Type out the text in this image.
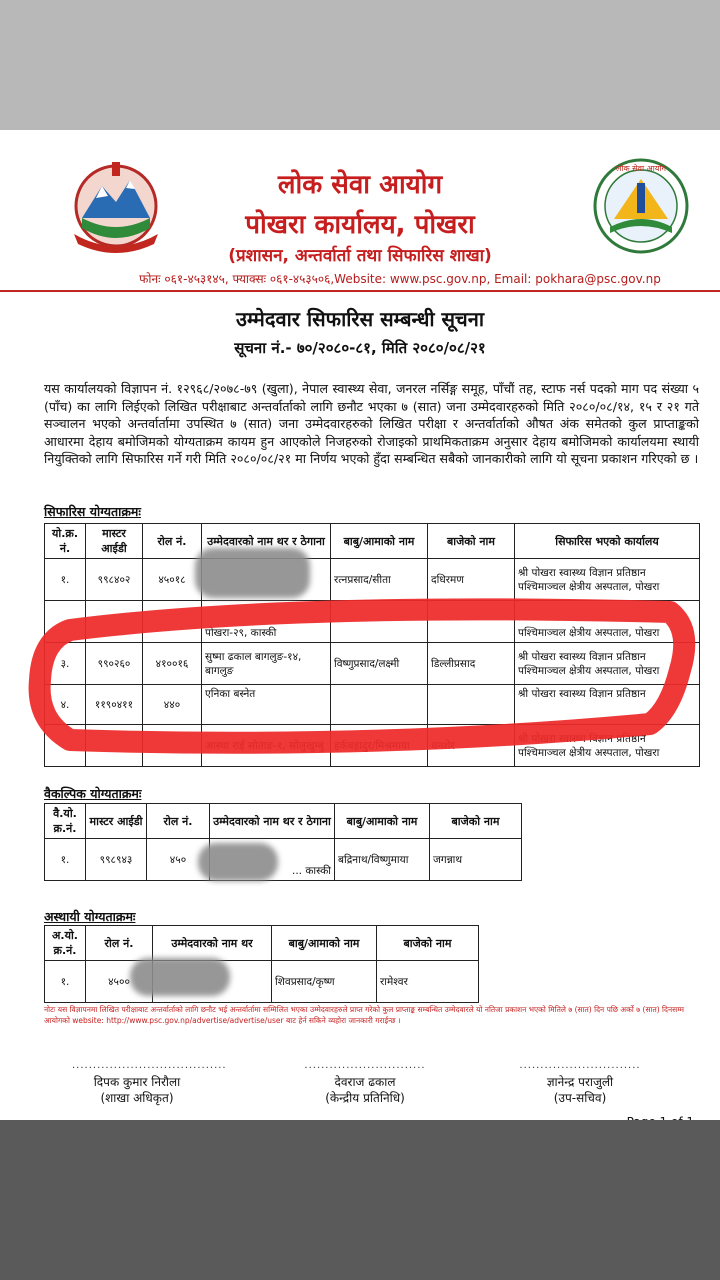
लोक सेवा आयोग
लोक सेवा आयोग
पोखरा कार्यालय, पोखरा
(प्रशासन, अन्तर्वार्ता तथा सिफारिस शाखा)
फोनः ०६१-४५३१४५, फ्याक्सः ०६१-४५३५०६,Website: www.psc.gov.np, Email: pokhara@psc.gov.np
उम्मेदवार सिफारिस सम्बन्धी सूचना
सूचना नं.- ७०/२०८०-८१, मिति २०८०/०८/२१
यस कार्यालयको विज्ञापन नं. १२९६८/२०७८-७९ (खुला), नेपाल स्वास्थ्य सेवा, जनरल नर्सिङ्ग समूह, पाँचौं तह, स्टाफ नर्स पदको माग पद संख्या ५ (पाँच) का लागि लिईएको लिखित परीक्षाबाट अन्तर्वार्ताको लागि छनौट भएका ७ (सात) जना उम्मेदवारहरुको मिति २०८०/०८/१४, १५ र २१ गते सञ्चालन भएको अन्तर्वार्तामा उपस्थित ७ (सात) जना उम्मेदवारहरुको लिखित परीक्षा र अन्तर्वार्ताको औषत अंक समेतको कुल प्राप्ताङ्कको आधारमा देहाय बमोजिमको योग्यताक्रम कायम हुन आएकोले निजहरुको रोजाइको प्राथमिकताक्रम अनुसार देहाय बमोजिमको कार्यालयमा स्थायी नियुक्तिको लागि सिफारिस गर्ने गरी मिति २०८०/०८/२१ मा निर्णय भएको हुँदा सम्बन्धित सबैको जानकारीको लागि यो सूचना प्रकाशन गरिएको छ ।
सिफारिस योग्यताक्रमः
यो.क्र. नं.	मास्टर आईडी	रोल नं.	उम्मेदवारको नाम थर र ठेगाना	बाबु/आमाको नाम	बाजेको नाम	सिफारिस भएको कार्यालय
१.	९९८४०२	४५०१८		रत्नप्रसाद/सीता	दधिरमण	श्री पोखरा स्वास्थ्य विज्ञान प्रतिष्ठान पश्चिमाञ्चल क्षेत्रीय अस्पताल, पोखरा
			पोखरा-२९, कास्की			पश्चिमाञ्चल क्षेत्रीय अस्पताल, पोखरा
३.	९९०२६०	४१००१६	सुष्मा ढकाल बागलुङ-१४, बागलुङ	विष्णुप्रसाद/लक्ष्मी	डिल्लीप्रसाद	श्री पोखरा स्वास्थ्य विज्ञान प्रतिष्ठान पश्चिमाञ्चल क्षेत्रीय अस्पताल, पोखरा
४.	११९०४११	४४०	एनिका बस्नेत			श्री पोखरा स्वास्थ्य विज्ञान प्रतिष्ठान
			आस्था राई सोताङ-१, सोलुखुम्बु	हर्कबहादुर/मिश्रमाया	धनशेर	श्री पोखरा स्वास्थ्य विज्ञान प्रतिष्ठान पश्चिमाञ्चल क्षेत्रीय अस्पताल, पोखरा
वैकल्पिक योग्यताक्रमः
वै.यो. क्र.नं.	मास्टर आईडी	रोल नं.	उम्मेदवारको नाम थर र ठेगाना	बाबु/आमाको नाम	बाजेको नाम
१.	९९८९४३	४५०	... कास्की	बद्रिनाथ/विष्णुमाया	जगन्नाथ
अस्थायी योग्यताक्रमः
अ.यो. क्र.नं.	रोल नं.	उम्मेदवारको नाम थर	बाबु/आमाको नाम	बाजेको नाम
१.	४५००		शिवप्रसाद/कृष्ण	रामेश्वर
नोटः यस विज्ञापनमा लिखित परीक्षाबाट अन्तर्वार्ताको लागि छनौट भई अन्तर्वार्तामा सम्मिलित भएका उम्मेदवारहरुले प्राप्त गरेको कुल प्राप्ताङ्क सम्बन्धित उम्मेदवारले यो नतिजा प्रकाशन भएको मितिले ७ (सात) दिन पछि अर्को ७ (सात) दिनसम्म आयोगको website: http://www.psc.gov.np/advertise/advertise/user बाट हेर्न सकिने व्यहोरा जानकारी गराईन्छ ।
.....................................
दिपक कुमार निरौला
(शाखा अधिकृत)
.............................
देवराज ढकाल
(केन्द्रीय प्रतिनिधि)
.............................
ज्ञानेन्द्र पराजुली
(उप-सचिव)
